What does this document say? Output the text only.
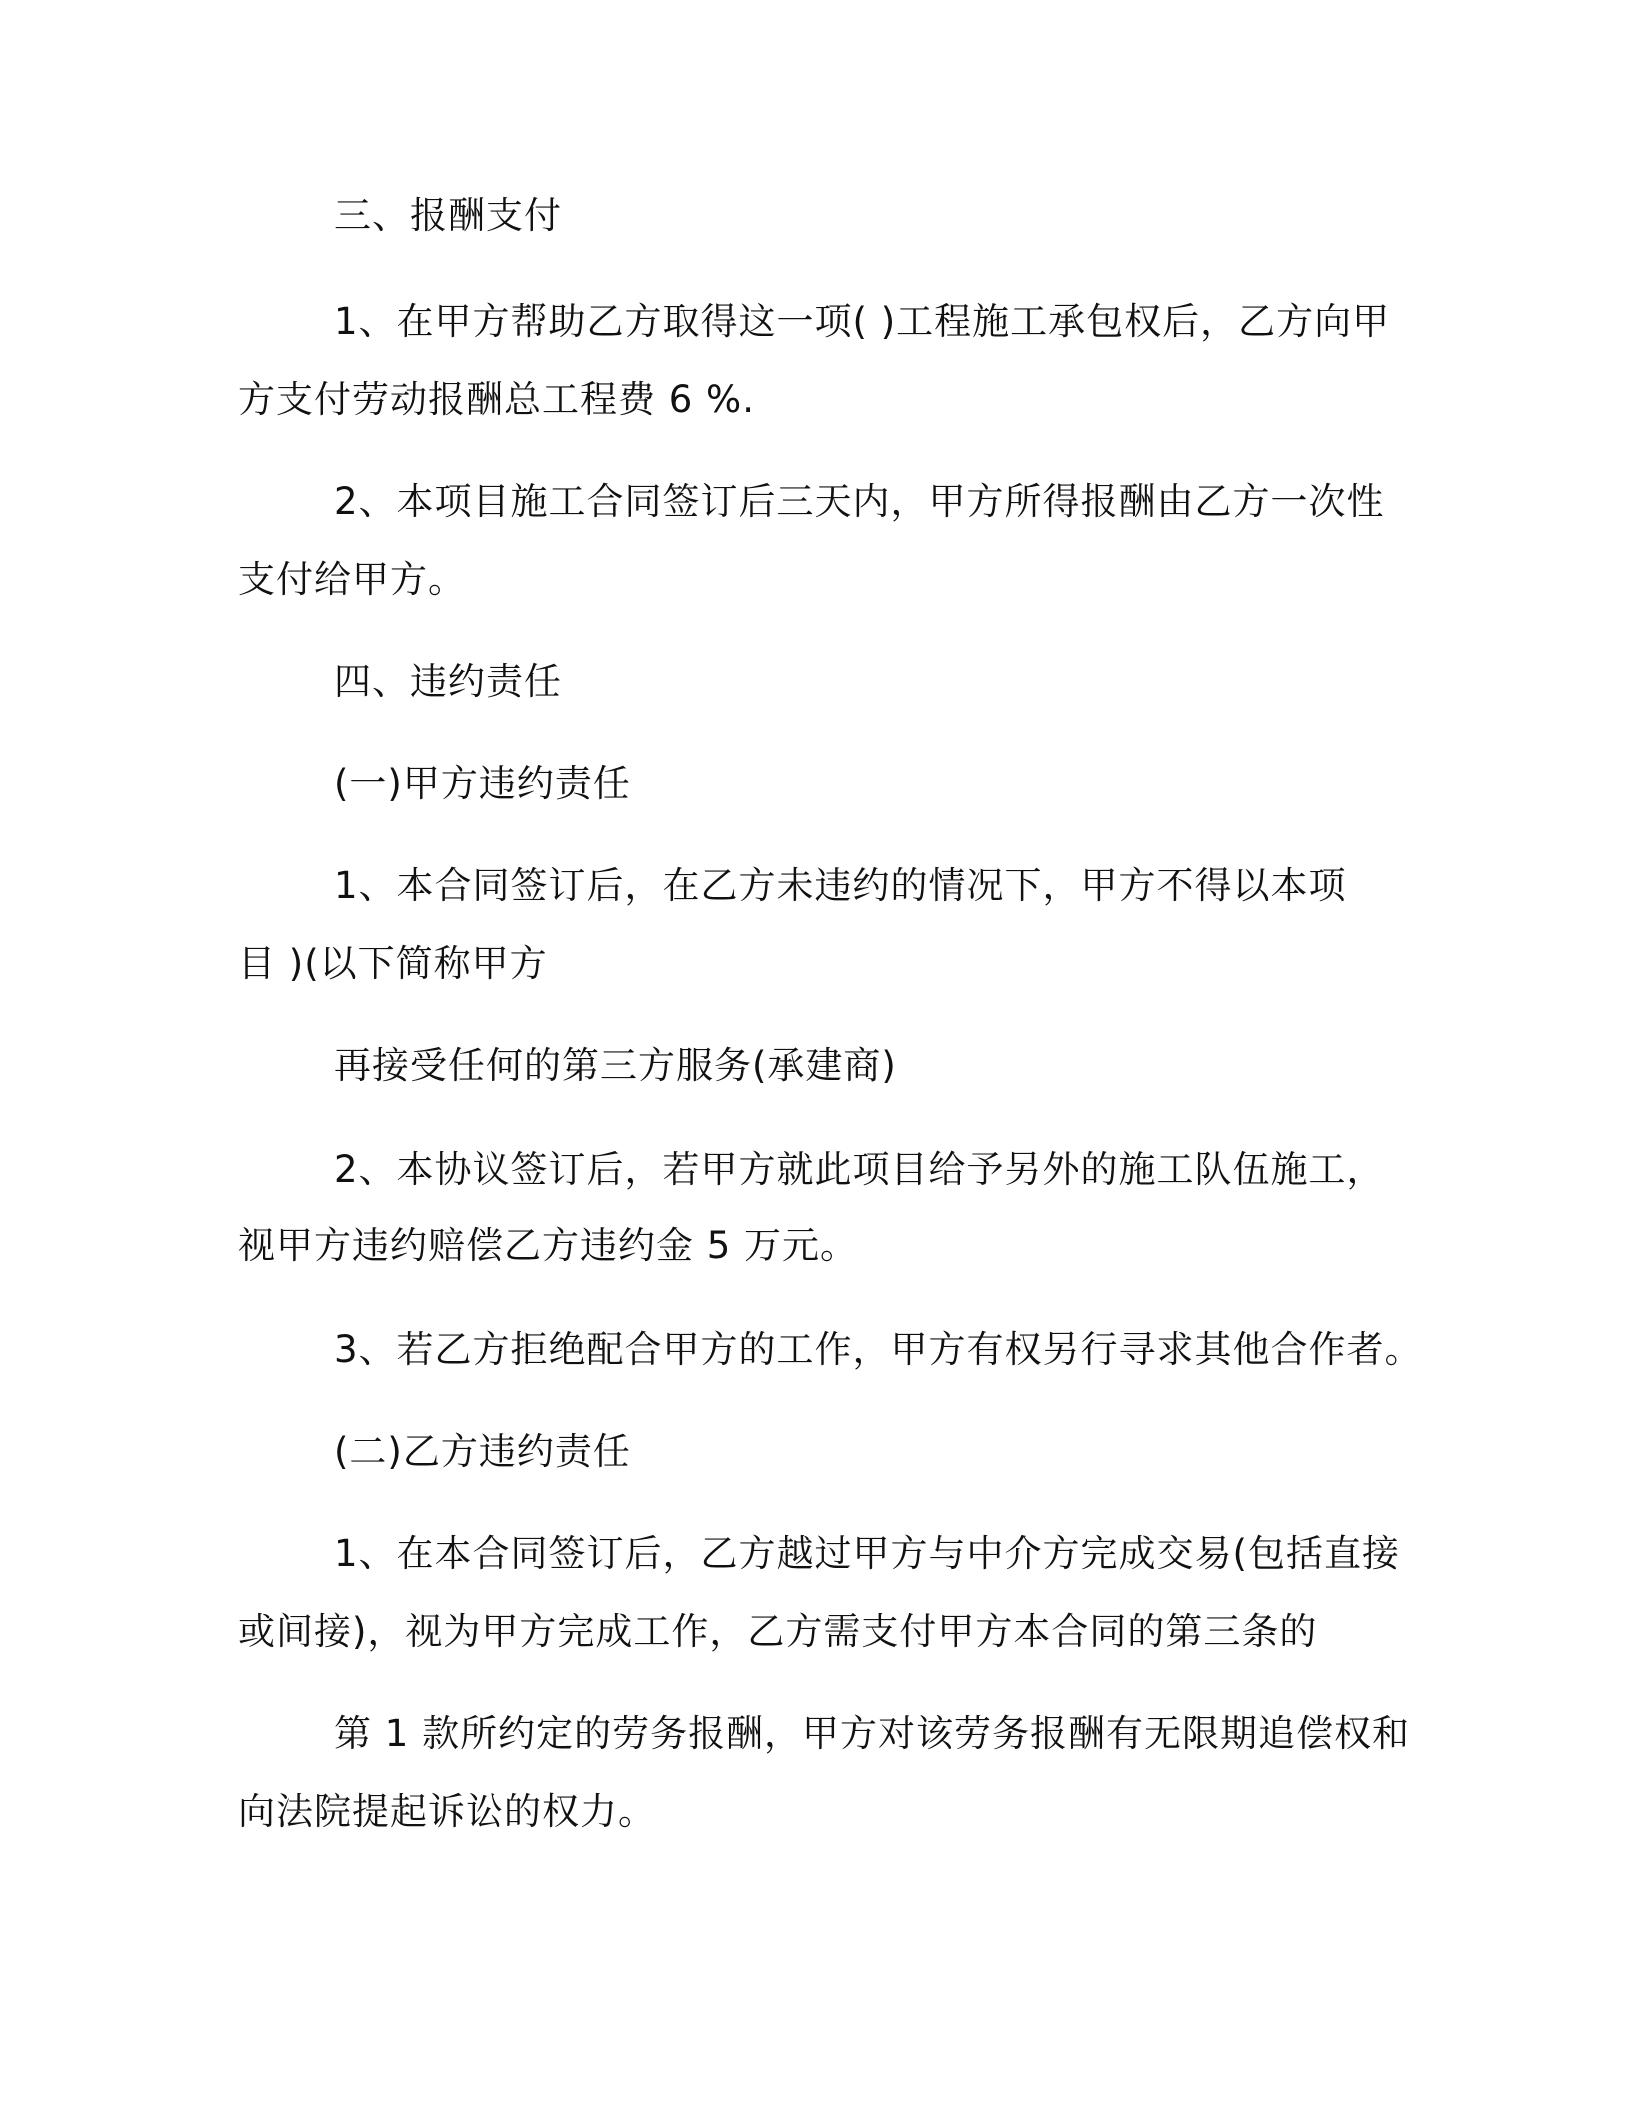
三、报酬支付
1、在甲方帮助乙方取得这一项( )工程施工承包权后，乙方向甲
方支付劳动报酬总工程费 6 %.
2、本项目施工合同签订后三天内，甲方所得报酬由乙方一次性
支付给甲方。
四、违约责任
(一)甲方违约责任
1、本合同签订后，在乙方未违约的情况下，甲方不得以本项
目 )(以下简称甲方
再接受任何的第三方服务(承建商)
2、本协议签订后，若甲方就此项目给予另外的施工队伍施工，
视甲方违约赔偿乙方违约金 5 万元。
3、若乙方拒绝配合甲方的工作，甲方有权另行寻求其他合作者。
(二)乙方违约责任
1、在本合同签订后，乙方越过甲方与中介方完成交易(包括直接
或间接)，视为甲方完成工作，乙方需支付甲方本合同的第三条的
第 1 款所约定的劳务报酬，甲方对该劳务报酬有无限期追偿权和
向法院提起诉讼的权力。
